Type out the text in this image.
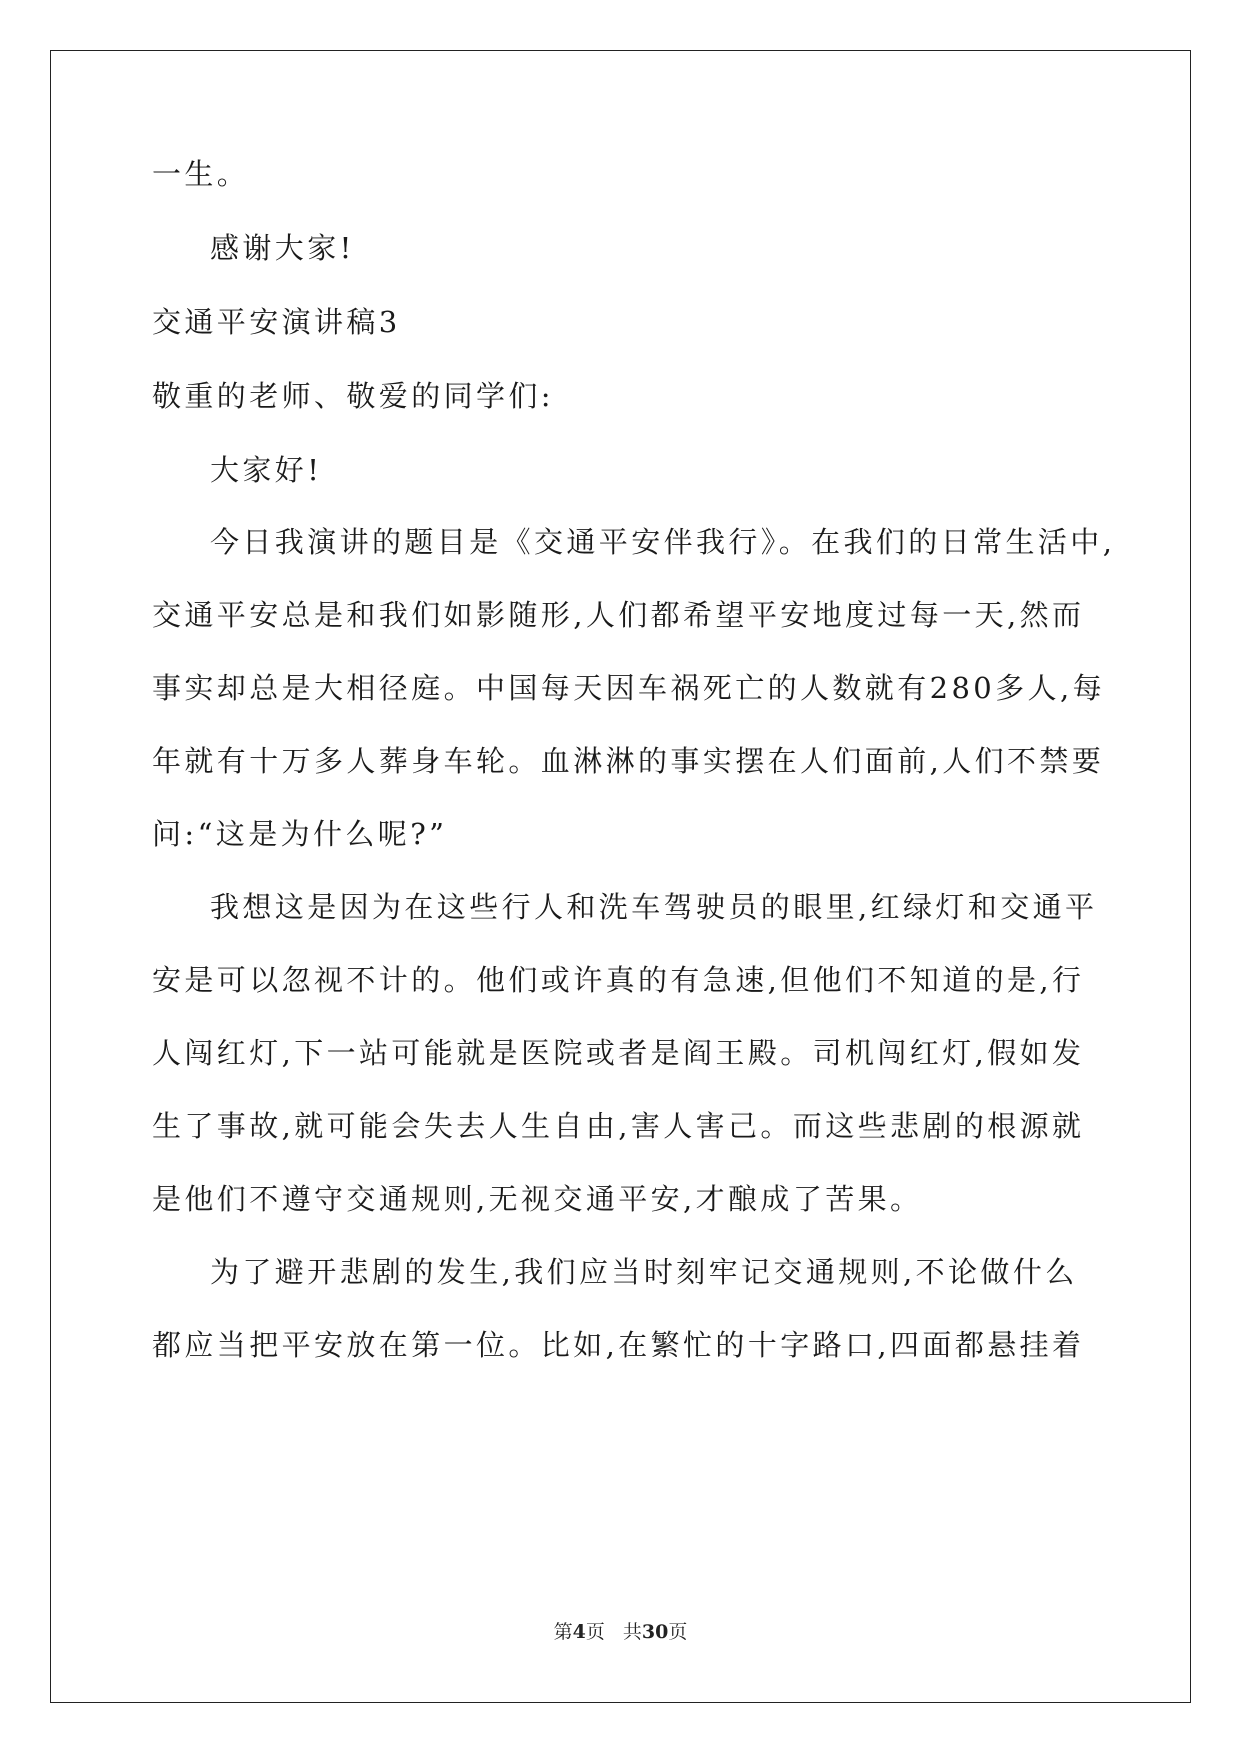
一生。
感谢大家!
交通平安演讲稿3
敬重的老师、敬爱的同学们:
大家好!
今日我演讲的题目是《交通平安伴我行》。在我们的日常生活中,
交通平安总是和我们如影随形,人们都希望平安地度过每一天,然而
事实却总是大相径庭。中国每天因车祸死亡的人数就有280多人,每
年就有十万多人葬身车轮。血淋淋的事实摆在人们面前,人们不禁要
问:“这是为什么呢?”
我想这是因为在这些行人和洗车驾驶员的眼里,红绿灯和交通平
安是可以忽视不计的。他们或许真的有急速,但他们不知道的是,行
人闯红灯,下一站可能就是医院或者是阎王殿。司机闯红灯,假如发
生了事故,就可能会失去人生自由,害人害己。而这些悲剧的根源就
是他们不遵守交通规则,无视交通平安,才酿成了苦果。
为了避开悲剧的发生,我们应当时刻牢记交通规则,不论做什么
都应当把平安放在第一位。比如,在繁忙的十字路口,四面都悬挂着
第4页 共30页
